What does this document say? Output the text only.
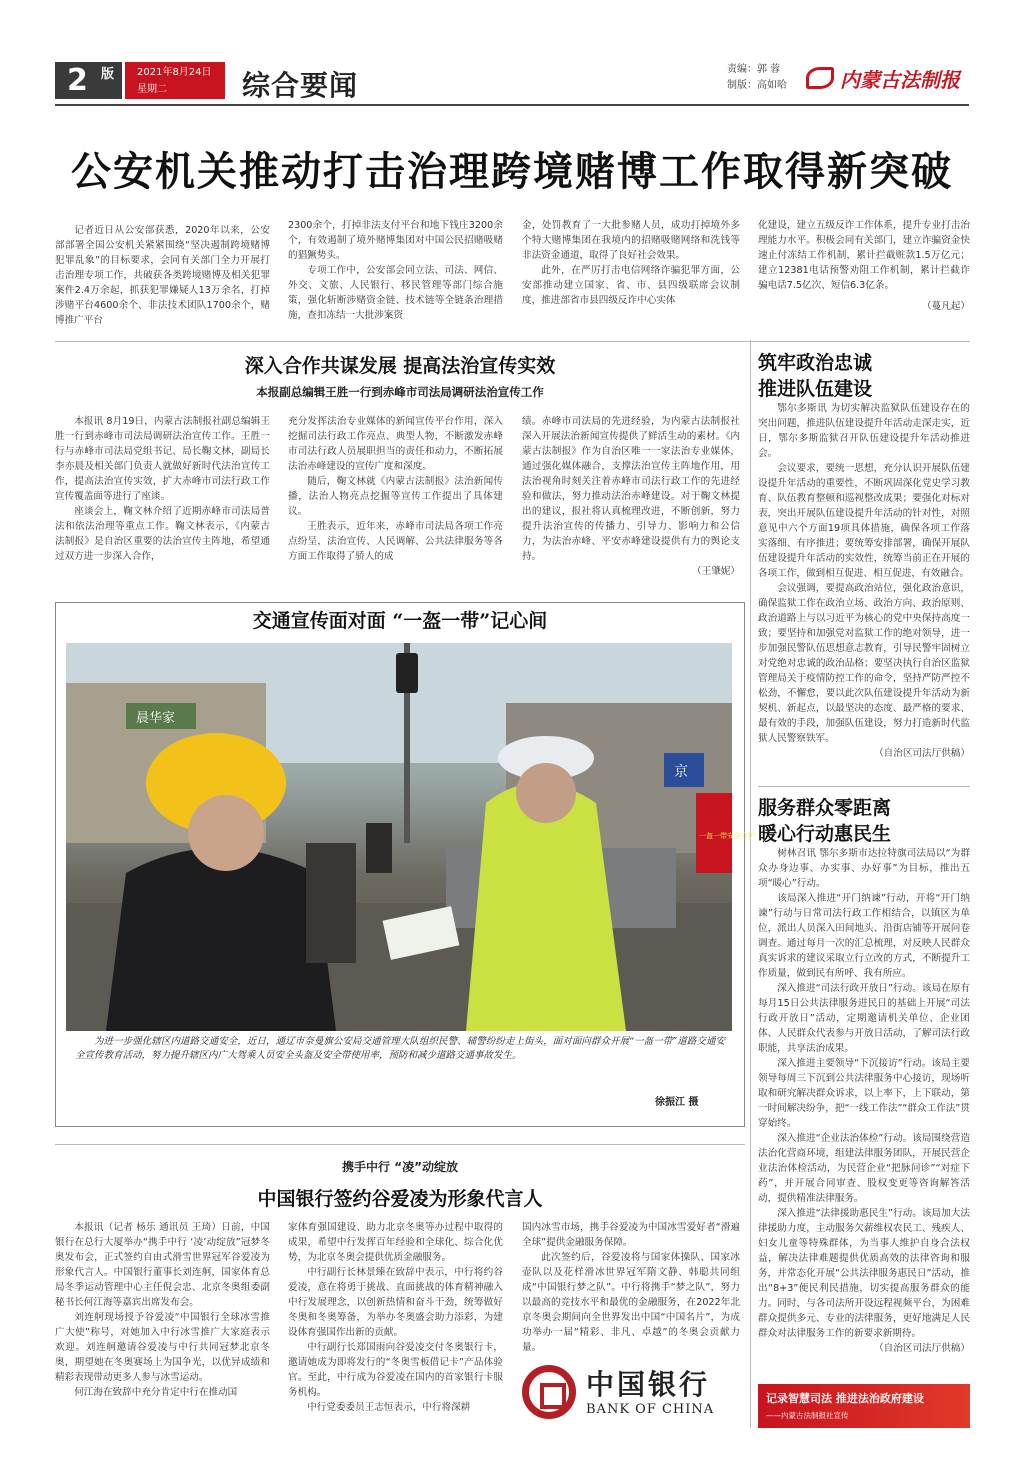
2	2021年8月24日
星期二
版	综合要闻	责编：郭 蓉
制版：高如哈	内蒙古法制报
公安机关推动打击治理跨境赌博工作取得新突破
记者近日从公安部获悉，2020年以来，公安部部署全国公安机关紧紧围绕“坚决遏制跨境赌博犯罪乱象”的目标要求，会同有关部门全力开展打击治理专项工作，共破获各类跨境赌博及相关犯罪案件2.4万余起，抓获犯罪嫌疑人13万余名，打掉涉赌平台4600余个、非法技术团队1700余个，赌博推广平台

2300余个，打掉非法支付平台和地下钱庄3200余个，有效遏制了境外赌博集团对中国公民招赌吸赌的猖獗势头。

专项工作中，公安部会同立法、司法、网信、外交、文旅、人民银行、移民管理等部门综合施策，强化斩断涉赌资金链、技术链等全链条治理措施，查扣冻结一大批涉案资

金，处罚教育了一大批参赌人员，成功打掉境外多个特大赌博集团在我境内的招赌吸赌网络和洗钱等非法资金通道，取得了良好社会效果。

此外，在严厉打击电信网络诈骗犯罪方面，公安部推动建立国家、省、市、县四级联席会议制度，推进部省市县四级反诈中心实体

化建设，建立五级反诈工作体系，提升专业打击治理能力水平。积极会同有关部门，建立诈骗资金快速止付冻结工作机制，累计拦截赃款1.5万亿元；建立12381电话预警劝阻工作机制，累计拦截诈骗电话7.5亿次、短信6.3亿条。

（蔓凡起）

深入合作共谋发展 提高法治宣传实效
本报副总编辑王胜一行到赤峰市司法局调研法治宣传工作

本报讯 8月19日，内蒙古法制报社副总编辑王胜一行到赤峰市司法局调研法治宣传工作。王胜一行与赤峰市司法局党组书记、局长鞠文林，副局长李亦晨及相关部门负责人就做好新时代法治宣传工作，提高法治宣传实效，扩大赤峰市司法行政工作宣传覆盖面等进行了座谈。

座谈会上，鞠文林介绍了近期赤峰市司法局普法和依法治理等重点工作。鞠文林表示，《内蒙古法制报》是自治区重要的法治宣传主阵地，希望通过双方进一步深入合作，

充分发挥法治专业媒体的新闻宣传平台作用，深入挖掘司法行政工作亮点、典型人物，不断激发赤峰市司法行政人员展职担当的责任和动力，不断拓展法治赤峰建设的宣传广度和深度。

随后，鞠文林就《内蒙古法制报》法治新闻传播，法治人物亮点挖掘等宣传工作提出了具体建议。

王胜表示，近年来，赤峰市司法局各项工作亮点纷呈，法治宣传、人民调解、公共法律服务等各方面工作取得了骄人的成

绩。赤峰市司法局的先进经验，为内蒙古法制报社深入开展法治新闻宣传提供了鲜活生动的素材。《内蒙古法制报》作为自治区唯一一家法治专业媒体，通过强化媒体融合，支撑法治宣传主阵地作用，用法治视角时刻关注着赤峰市司法行政工作的先进经验和做法，努力推动法治赤峰建设。对于鞠文林提出的建议，报社将认真梳理改进，不断创新，努力提升法治宣传的传播力、引导力、影响力和公信力，为法治赤峰、平安赤峰建设提供有力的舆论支持。

（王肇妮）

筑牢政治忠诚
推进队伍建设

鄂尔多斯讯 为切实解决监狱队伍建设存在的突出问题，推进队伍建设提升年活动走深走实，近日，鄂尔多斯监狱召开队伍建设提升年活动推进会。

会议要求，要统一思想，充分认识开展队伍建设提升年活动的重要性，不断巩固深化党史学习教育、队伍教育整顿和巡视整改成果；要强化对标对表，突出开展队伍建设提升年活动的针对性，对照意见中六个方面19项具体措施，确保各项工作落实落细、有序推进；要统筹安排部署，确保开展队伍建设提升年活动的实效性，统筹当前正在开展的各项工作，做到相互促进、相互促进，有效融合。

会议强调，要提高政治站位，强化政治意识，确保监狱工作在政治立场、政治方向、政治原则、政治道路上与以习近平为核心的党中央保持高度一致；要坚持和加强党对监狱工作的绝对领导，进一步加强民警队伍思想意志教育，引导民警牢固树立对党绝对忠诚的政治品格；要坚决执行自治区监狱管理局关于疫情防控工作的命令，坚持严防严控不松劲，不懈怠，要以此次队伍建设提升年活动为新契机、新起点，以最坚决的态度、最严格的要求、最有效的手段，加强队伍建设，努力打造新时代监狱人民警察铁军。

（自治区司法厅供稿）

交通宣传面对面 “一盔一带”记心间
晨华家
京
一盔一带安全守护
为进一步强化辖区内道路交通安全，近日，通辽市奈曼旗公安局交通管理大队组织民警、辅警纷纷走上街头，面对面向群众开展“一盔一带”道路交通安全宣传教育活动，努力提升辖区内广大驾乘人员安全头盔及安全带使用率，预防和减少道路交通事故发生。
徐振江 摄
服务群众零距离
暖心行动惠民生

树林召讯 鄂尔多斯市达拉特旗司法局以“为群众办身边事、办实事、办好事”为目标，推出五项“暖心”行动。

该局深入推进“开门纳谏”行动，开将“开门纳谏”行动与日常司法行政工作相结合，以镇区为单位，派出人员深入田间地头、沿街店铺等开展问卷调查。通过每月一次的汇总梳理，对反映人民群众真实诉求的建议采取立行立改的方式，不断提升工作质量，做到民有所呼、我有所应。

深入推进“司法行政开放日”行动。该局在原有每月15日公共法律服务进民日的基础上开展“司法行政开放日”活动，定期邀请机关单位、企业团体、人民群众代表参与开放日活动，了解司法行政职能，共享法治成果。

深入推进主要领导“下沉接访”行动。该局主要领导每周三下沉到公共法律服务中心接访，现场听取和研究解决群众诉求，以上率下，上下联动，第一时间解决纷争，把“一线工作法”“群众工作法”贯穿始终。

深入推进“企业法治体检”行动。该局围绕营造法治化营商环境，组建法律服务团队，开展民营企业法治体检活动，为民营企业“把脉问诊”“对症下药”，并开展合同审查、股权变更等咨询解答活动，提供精准法律服务。

深入推进“法律援助惠民生”行动。该局加大法律援助力度，主动服务欠薪维权农民工、残疾人、妇女儿童等特殊群体，为当事人维护自身合法权益，解决法律难题提供优质高效的法律咨询和服务，并常态化开展“公共法律服务惠民日”活动，推出“8+3”便民利民措施，切实提高服务群众的能力。同时，与各司法所开设远程视频平台，为困难群众提供多元、专业的法律服务，更好地满足人民群众对法律服务工作的新要求新期待。

（自治区司法厅供稿）

携手中行 “凌”动绽放
中国银行签约谷爱凌为形象代言人

本报讯（记者 杨乐 通讯员 王琦）日前，中国银行在总行大厦举办“携手中行 ‘凌’动绽放”冠梦冬奥发布会，正式签约自由式滑雪世界冠军谷爱凌为形象代言人。中国银行董事长刘连舸，国家体育总局冬季运动管理中心主任倪会忠、北京冬奥组委副秘书长何江海等嘉宾出席发布会。

刘连舸现场授予谷爱凌“中国银行全球冰雪推广大使”称号，对她加入中行冰雪推广大家庭表示欢迎。刘连舸邀请谷爱凌与中行共同冠梦北京冬奥，期望她在冬奥赛场上为国争光，以优异成绩和精彩表现带动更多人参与冰雪运动。

何江海在致辞中充分肯定中行在推动国

家体育强国建设、助力北京冬奥等办过程中取得的成果，希望中行发挥百年经验和全球化、综合化优势，为北京冬奥会提供优质金融服务。

中行副行长林景臻在致辞中表示，中行将约谷爱凌，意在将勇于挑战、直面挑战的体育精神融入中行发展理念，以创新热情和奋斗干劲，统筹做好冬奥和冬奥筹备，为举办冬奥盛会助力添彩，为建设体育强国作出新的贡献。

中行副行长郑国雨向谷爱凌交付冬奥银行卡，邀请她成为即将发行的“冬奥雪板借记卡”产品体验官。至此，中行成为谷爱凌在国内的首家银行卡服务机构。

中行党委委员王志恒表示，中行将深耕

国内冰雪市场，携手谷爱凌为中国冰雪爱好者“滑遍全球”提供金融服务保障。

此次签约后，谷爱凌将与国家体操队、国家冰壶队以及花样滑冰世界冠军隋文静、韩聪共同组成“中国银行梦之队”。中行将携手“梦之队”，努力以最高的竞技水平和最优的金融服务，在2022年北京冬奥会期间向全世界发出中国“中国名片”，为成功举办一届“精彩、非凡、卓越”的冬奥会贡献力量。

中国银行
BANK OF CHINA
记录智慧司法 推进法治政府建设
——内蒙古法制报社宣传
